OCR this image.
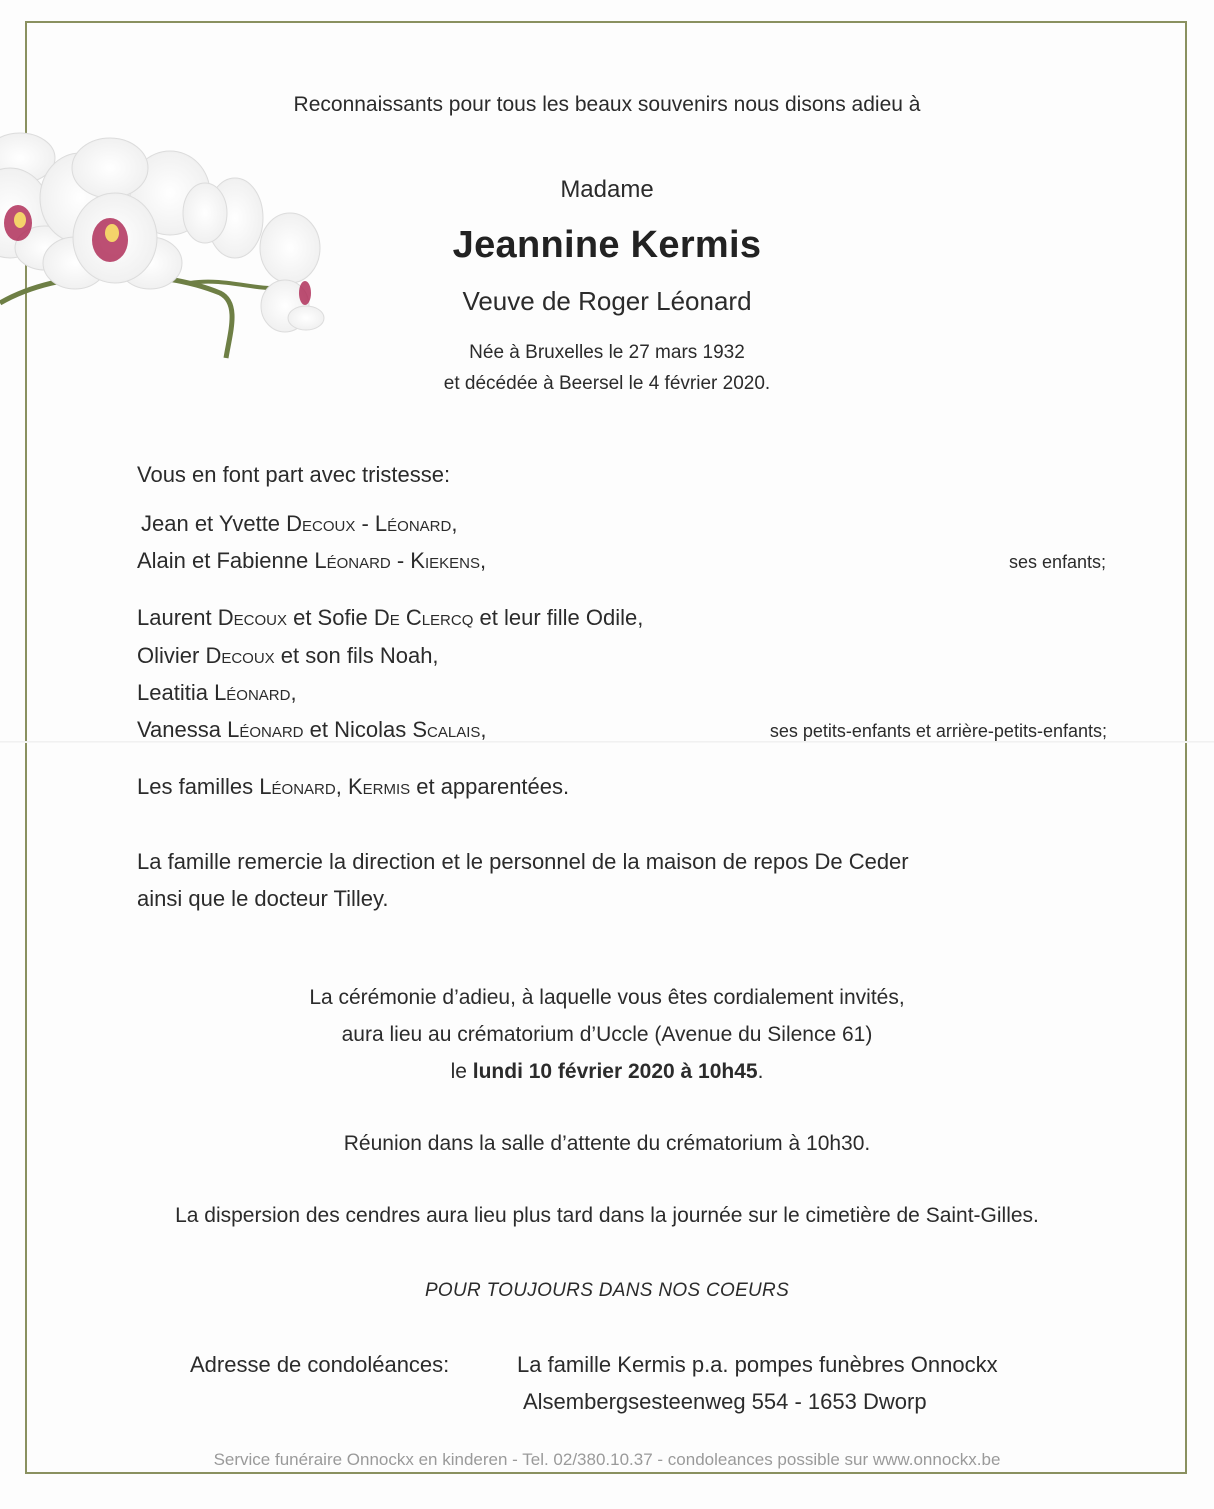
Reconnaissants pour tous les beaux souvenirs nous disons adieu à
Madame
Jeannine Kermis
Veuve de Roger Léonard
Née à Bruxelles le 27 mars 1932
et décédée à Beersel le 4 février 2020.
Vous en font part avec tristesse:
Jean et Yvette Decoux - Léonard,
Alain et Fabienne Léonard - Kiekens,	ses enfants;
Laurent Decoux et Sofie De Clercq et leur fille Odile,
Olivier Decoux et son fils Noah,
Leatitia Léonard,
Vanessa Léonard et Nicolas Scalais,	ses petits-enfants et arrière-petits-enfants;
Les familles Léonard, Kermis et apparentées.
La famille remercie la direction et le personnel de la maison de repos De Ceder
ainsi que le docteur Tilley.
La cérémonie d’adieu, à laquelle vous êtes cordialement invités,
aura lieu au crématorium d’Uccle (Avenue du Silence 61)
le lundi 10 février 2020 à 10h45.
Réunion dans la salle d’attente du crématorium à 10h30.
La dispersion des cendres aura lieu plus tard dans la journée sur le cimetière de Saint-Gilles.
POUR TOUJOURS DANS NOS COEURS
Adresse de condoléances:	La famille Kermis p.a. pompes funèbres Onnockx
Alsembergsesteenweg 554 - 1653 Dworp
Service funéraire Onnockx en kinderen - Tel. 02/380.10.37 - condoleances possible sur www.onnockx.be
